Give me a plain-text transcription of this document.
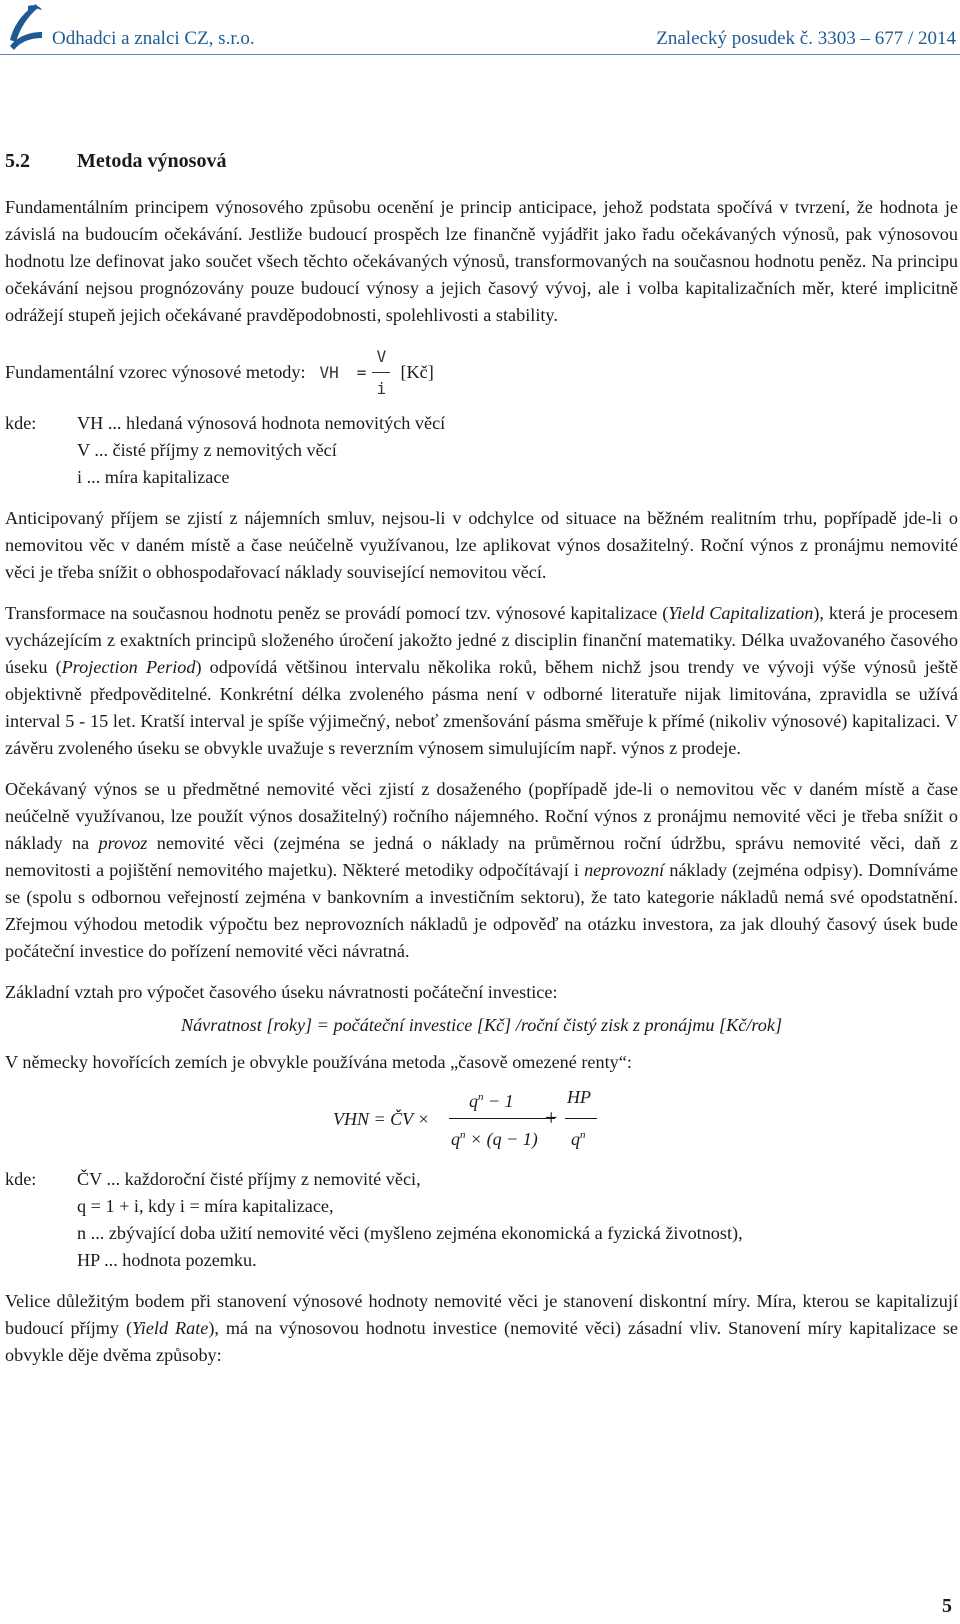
Odhadci a znalci CZ, s.r.o.	Znalecký posudek č. 3303 – 677 / 2014
5.2 Metoda výnosová

Fundamentálním principem výnosového způsobu ocenění je princip anticipace, jehož podstata spočívá v tvrzení, že hodnota je závislá na budoucím očekávání. Jestliže budoucí prospěch lze finančně vyjádřit jako řadu očekávaných výnosů, pak výnosovou hodnotu lze definovat jako součet všech těchto očekávaných výnosů, transformovaných na současnou hodnotu peněz. Na principu očekávání nejsou prognózovány pouze budoucí výnosy a jejich časový vývoj, ale i volba kapitalizačních měr, které implicitně odrážejí stupeň jejich očekávané pravděpodobnosti, spolehlivosti a stability.

Fundamentální vzorec výnosové metody: VH = $\frac{V}{i}$ [Kč]
kde:	VH ... hledaná výnosová hodnota nemovitých věcí
V ... čisté příjmy z nemovitých věcí
i ... míra kapitalizace

Anticipovaný příjem se zjistí z nájemních smluv, nejsou-li v odchylce od situace na běžném realitním trhu, popřípadě jde-li o nemovitou věc v daném místě a čase neúčelně využívanou, lze aplikovat výnos dosažitelný. Roční výnos z pronájmu nemovité věci je třeba snížit o obhospodařovací náklady související nemovitou věcí.

Transformace na současnou hodnotu peněz se provádí pomocí tzv. výnosové kapitalizace (Yield Capitalization), která je procesem vycházejícím z exaktních principů složeného úročení jakožto jedné z disciplin finanční matematiky. Délka uvažovaného časového úseku (Projection Period) odpovídá většinou intervalu několika roků, během nichž jsou trendy ve vývoji výše výnosů ještě objektivně předpověditelné. Konkrétní délka zvoleného pásma není v odborné literatuře nijak limitována, zpravidla se užívá interval 5 - 15 let. Kratší interval je spíše výjimečný, neboť zmenšování pásma směřuje k přímé (nikoliv výnosové) kapitalizaci. V závěru zvoleného úseku se obvykle uvažuje s reverzním výnosem simulujícím např. výnos z prodeje.

Očekávaný výnos se u předmětné nemovité věci zjistí z dosaženého (popřípadě jde-li o nemovitou věc v daném místě a čase neúčelně využívanou, lze použít výnos dosažitelný) ročního nájemného. Roční výnos z pronájmu nemovité věci je třeba snížit o náklady na provoz nemovité věci (zejména se jedná o náklady na průměrnou roční údržbu, správu nemovité věci, daň z nemovitosti a pojištění nemovitého majetku). Některé metodiky odpočítávají i neprovozní náklady (zejména odpisy). Domníváme se (spolu s odbornou veřejností zejména v bankovním a investičním sektoru), že tato kategorie nákladů nemá své opodstatnění. Zřejmou výhodou metodik výpočtu bez neprovozních nákladů je odpověď na otázku investora, za jak dlouhý časový úsek bude počáteční investice do pořízení nemovité věci návratná.

Základní vztah pro výpočet časového úseku návratnosti počáteční investice:

Návratnost [roky] = počáteční investice [Kč] /roční čistý zisk z pronájmu [Kč/rok]

V německy hovořících zemích je obvykle používána metoda „časově omezené renty“:

VHN = ČV ×
$q^n - 1$
$q^n \times (q - 1)$
+
HP
$q^n$
kde:	ČV ... každoroční čisté příjmy z nemovité věci,
q = 1 + i, kdy i = míra kapitalizace,
n ... zbývající doba užití nemovité věci (myšleno zejména ekonomická a fyzická životnost),
HP ... hodnota pozemku.

Velice důležitým bodem při stanovení výnosové hodnoty nemovité věci je stanovení diskontní míry. Míra, kterou se kapitalizují budoucí příjmy (Yield Rate), má na výnosovou hodnotu investice (nemovité věci) zásadní vliv. Stanovení míry kapitalizace se obvykle děje dvěma způsoby:

5
